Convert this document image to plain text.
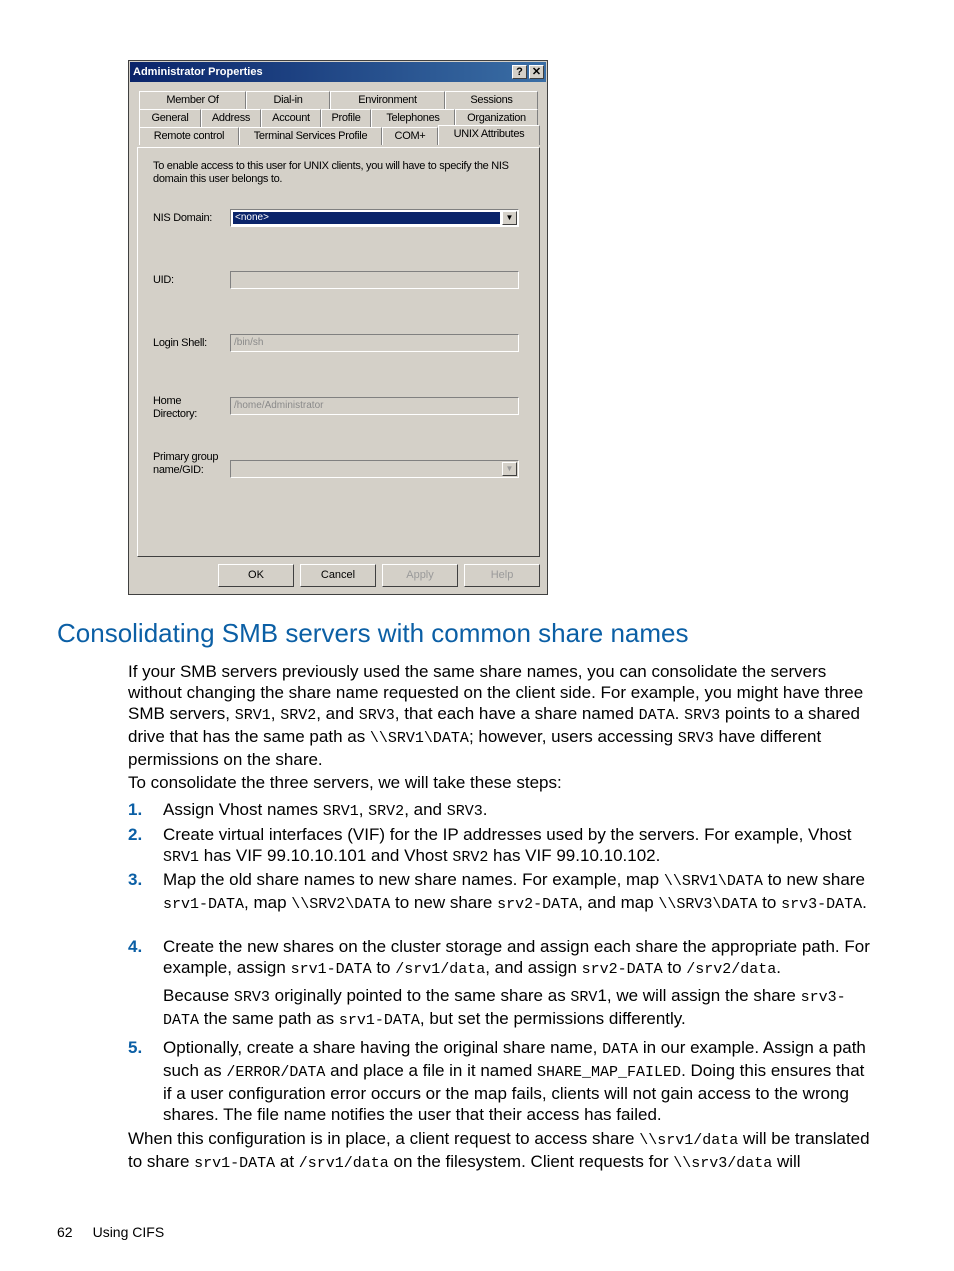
Administrator Properties	? ✕
Member Of	Dial-in	Environment	Sessions
General	Address	Account	Profile	Telephones	Organization
Remote control	Terminal Services Profile	COM+	UNIX Attributes
To enable access to this user for UNIX clients, you will have to specify the NIS domain this user belongs to.
NIS Domain: <none>	▼
UID:
Login Shell:	/bin/sh
Home Directory:
/home/Administrator
Primary group name/GID:	▼
OK	Cancel	Apply	Help
Consolidating SMB servers with common share names
If your SMB servers previously used the same share names, you can consolidate the servers without changing the share name requested on the client side. For example, you might have three SMB servers, SRV1, SRV2, and SRV3, that each have a share named DATA. SRV3 points to a shared drive that has the same path as \\SRV1\DATA; however, users accessing SRV3 have different permissions on the share.
To consolidate the three servers, we will take these steps:
1. Assign Vhost names SRV1, SRV2, and SRV3.
2. Create virtual interfaces (VIF) for the IP addresses used by the servers. For example, Vhost SRV1 has VIF 99.10.10.101 and Vhost SRV2 has VIF 99.10.10.102.
3. Map the old share names to new share names. For example, map \\SRV1\DATA to new share srv1-DATA, map \\SRV2\DATA to new share srv2-DATA, and map \\SRV3\DATA to srv3-DATA.
4. Create the new shares on the cluster storage and assign each share the appropriate path. For example, assign srv1-DATA to /srv1/data, and assign srv2-DATA to /srv2/data.
Because SRV3 originally pointed to the same share as SRV1, we will assign the share srv3-DATA the same path as srv1-DATA, but set the permissions differently.
5. Optionally, create a share having the original share name, DATA in our example. Assign a path such as /ERROR/DATA and place a file in it named SHARE_MAP_FAILED. Doing this ensures that if a user configuration error occurs or the map fails, clients will not gain access to the wrong shares. The file name notifies the user that their access has failed.
When this configuration is in place, a client request to access share \\srv1/data will be translated to share srv1-DATA at /srv1/data on the filesystem. Client requests for \\srv3/data will
62 Using CIFS
